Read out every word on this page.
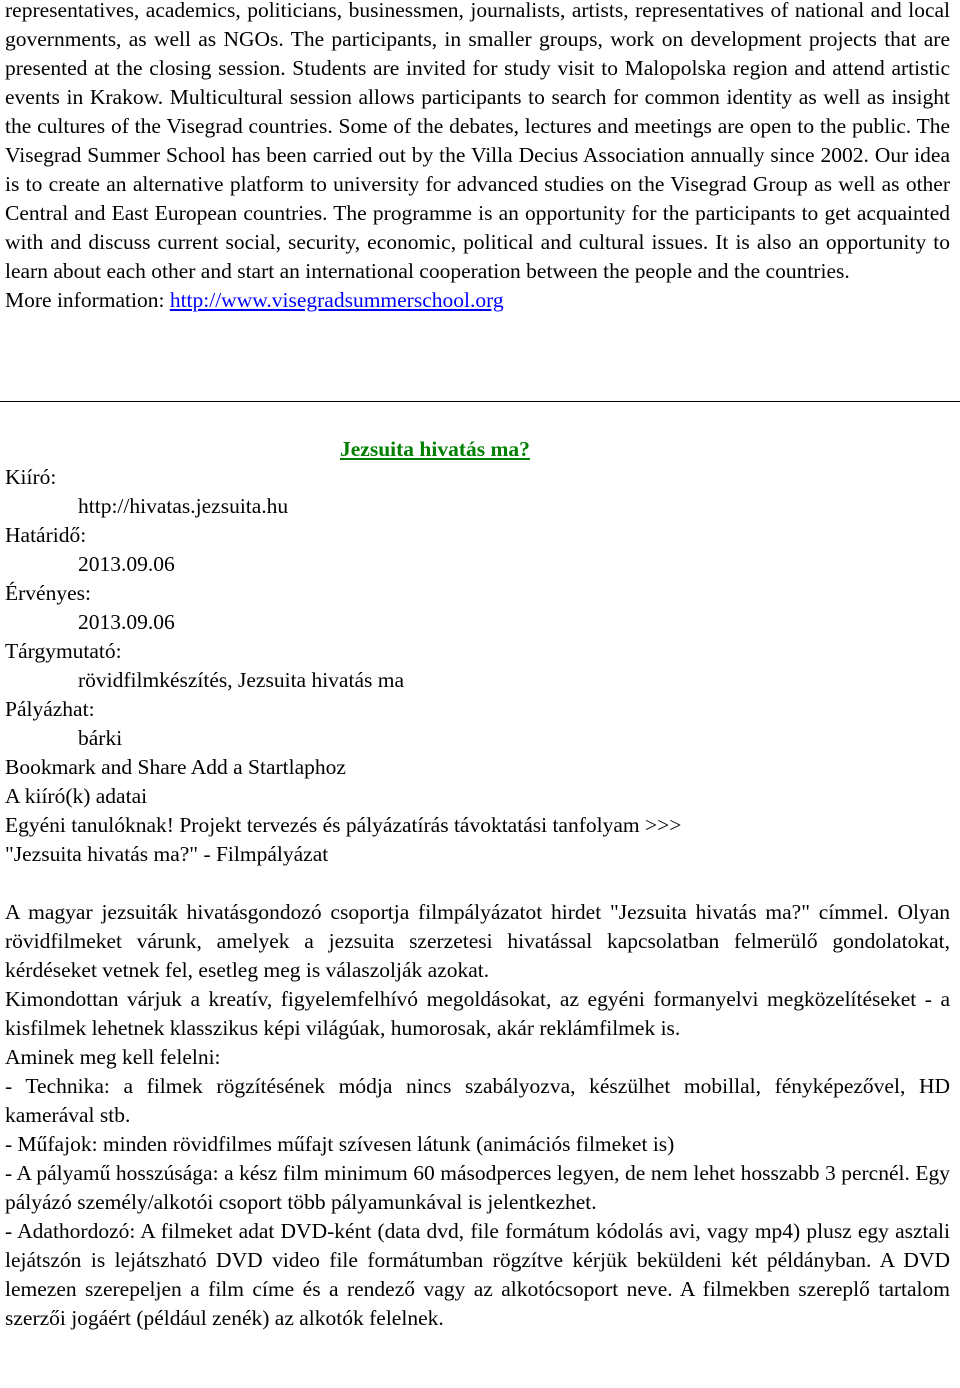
representatives, academics, politicians, businessmen, journalists, artists, representatives of national and local governments, as well as NGOs. The participants, in smaller groups, work on development projects that are presented at the closing session. Students are invited for study visit to Malopolska region and attend artistic events in Krakow. Multicultural session allows participants to search for common identity as well as insight the cultures of the Visegrad countries. Some of the debates, lectures and meetings are open to the public. The Visegrad Summer School has been carried out by the Villa Decius Association annually since 2002. Our idea is to create an alternative platform to university for advanced studies on the Visegrad Group as well as other Central and East European countries. The programme is an opportunity for the participants to get acquainted with and discuss current social, security, economic, political and cultural issues. It is also an opportunity to learn about each other and start an international cooperation between the people and the countries.
More information: http://www.visegradsummerschool.org
Jezsuita hivatás ma?
Kiíró:
http://hivatas.jezsuita.hu
Határidő:
2013.09.06
Érvényes:
2013.09.06
Tárgymutató:
rövidfilmkészítés, Jezsuita hivatás ma
Pályázhat:
bárki
Bookmark and Share Add a Startlaphoz
A kiíró(k) adatai
Egyéni tanulóknak! Projekt tervezés és pályázatírás távoktatási tanfolyam >>>
"Jezsuita hivatás ma?" - Filmpályázat
A magyar jezsuiták hivatásgondozó csoportja filmpályázatot hirdet "Jezsuita hivatás ma?" címmel. Olyan rövidfilmeket várunk, amelyek a jezsuita szerzetesi hivatással kapcsolatban felmerülő gondolatokat, kérdéseket vetnek fel, esetleg meg is válaszolják azokat.
Kimondottan várjuk a kreatív, figyelemfelhívó megoldásokat, az egyéni formanyelvi megközelítéseket - a kisfilmek lehetnek klasszikus képi világúak, humorosak, akár reklámfilmek is.
Aminek meg kell felelni:
- Technika: a filmek rögzítésének módja nincs szabályozva, készülhet mobillal, fényképezővel, HD kamerával stb.
- Műfajok: minden rövidfilmes műfajt szívesen látunk (animációs filmeket is)
- A pályamű hosszúsága: a kész film minimum 60 másodperces legyen, de nem lehet hosszabb 3 percnél. Egy pályázó személy/alkotói csoport több pályamunkával is jelentkezhet.
- Adathordozó: A filmeket adat DVD-ként (data dvd, file formátum kódolás avi, vagy mp4) plusz egy asztali lejátszón is lejátszható DVD video file formátumban rögzítve kérjük beküldeni két példányban. A DVD lemezen szerepeljen a film címe és a rendező vagy az alkotócsoport neve. A filmekben szereplő tartalom szerzői jogáért (például zenék) az alkotók felelnek.
